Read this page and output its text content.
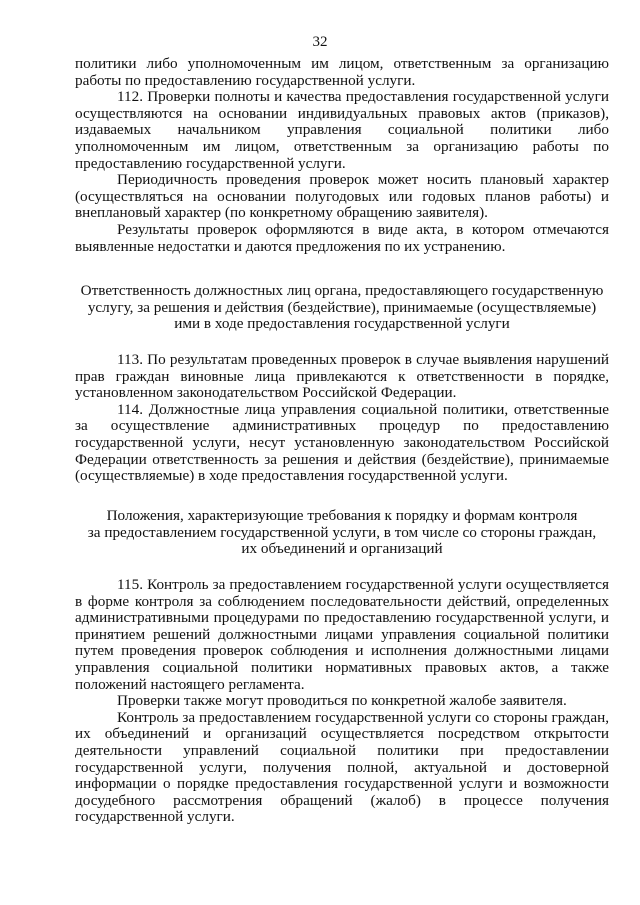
32

политики либо уполномоченным им лицом, ответственным за организацию работы по предоставлению государственной услуги.

112. Проверки полноты и качества предоставления государственной услуги осуществляются на основании индивидуальных правовых актов (приказов), издаваемых начальником управления социальной политики либо уполномоченным им лицом, ответственным за организацию работы по предоставлению государственной услуги.

Периодичность проведения проверок может носить плановый характер (осуществляться на основании полугодовых или годовых планов работы) и внеплановый характер (по конкретному обращению заявителя).

Результаты проверок оформляются в виде акта, в котором отмечаются выявленные недостатки и даются предложения по их устранению.

Ответственность должностных лиц органа, предоставляющего государственную
услугу, за решения и действия (бездействие), принимаемые (осуществляемые)
ими в ходе предоставления государственной услуги

113. По результатам проведенных проверок в случае выявления нарушений прав граждан виновные лица привлекаются к ответственности в порядке, установленном законодательством Российской Федерации.

114. Должностные лица управления социальной политики, ответственные за осуществление административных процедур по предоставлению государственной услуги, несут установленную законодательством Российской Федерации ответственность за решения и действия (бездействие), принимаемые (осуществляемые) в ходе предоставления государственной услуги.

Положения, характеризующие требования к порядку и формам контроля
за предоставлением государственной услуги, в том числе со стороны граждан,
их объединений и организаций

115. Контроль за предоставлением государственной услуги осуществляется в форме контроля за соблюдением последовательности действий, определенных административными процедурами по предоставлению государственной услуги, и принятием решений должностными лицами управления социальной политики путем проведения проверок соблюдения и исполнения должностными лицами управления социальной политики нормативных правовых актов, а также положений настоящего регламента.

Проверки также могут проводиться по конкретной жалобе заявителя.

Контроль за предоставлением государственной услуги со стороны граждан, их объединений и организаций осуществляется посредством открытости деятельности управлений социальной политики при предоставлении государственной услуги, получения полной, актуальной и достоверной информации о порядке предоставления государственной услуги и возможности досудебного рассмотрения обращений (жалоб) в процессе получения государственной услуги.
